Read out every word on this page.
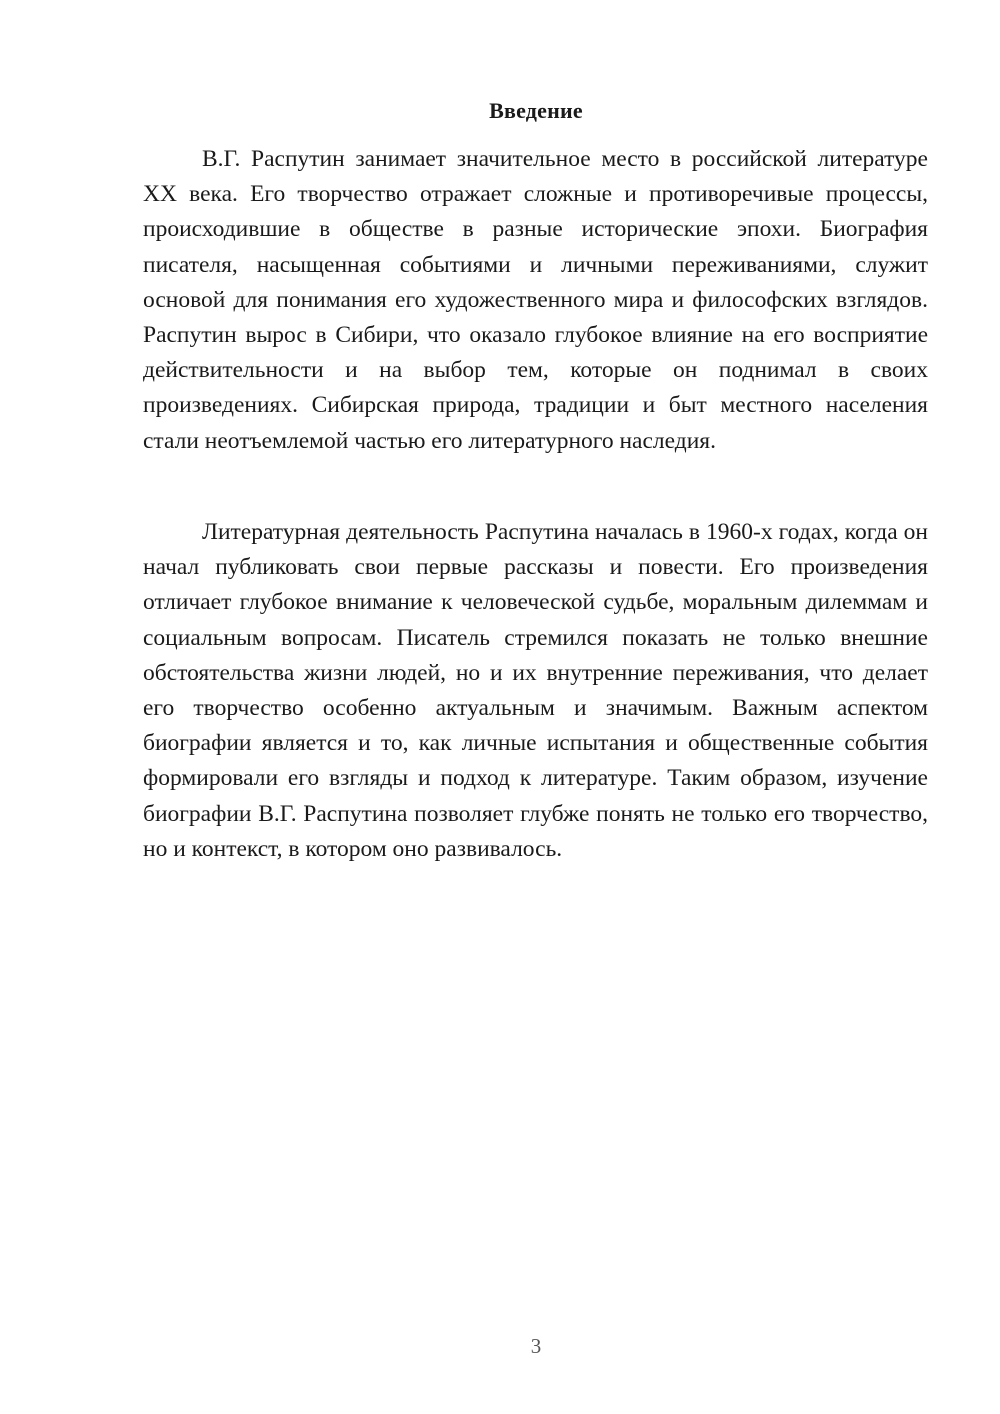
Введение

В.Г. Распутин занимает значительное место в российской литературе XX века. Его творчество отражает сложные и противоречивые процессы, происходившие в обществе в разные исторические эпохи. Биография писателя, насыщенная событиями и личными переживаниями, служит основой для понимания его художественного мира и философских взглядов. Распутин вырос в Сибири, что оказало глубокое влияние на его восприятие действительности и на выбор тем, которые он поднимал в своих произведениях. Сибирская природа, традиции и быт местного населения стали неотъемлемой частью его литературного наследия.

Литературная деятельность Распутина началась в 1960-х годах, когда он начал публиковать свои первые рассказы и повести. Его произведения отличает глубокое внимание к человеческой судьбе, моральным дилеммам и социальным вопросам. Писатель стремился показать не только внешние обстоятельства жизни людей, но и их внутренние переживания, что делает его творчество особенно актуальным и значимым. Важным аспектом биографии является и то, как личные испытания и общественные события формировали его взгляды и подход к литературе. Таким образом, изучение биографии В.Г. Распутина позволяет глубже понять не только его творчество, но и контекст, в котором оно развивалось.

3
